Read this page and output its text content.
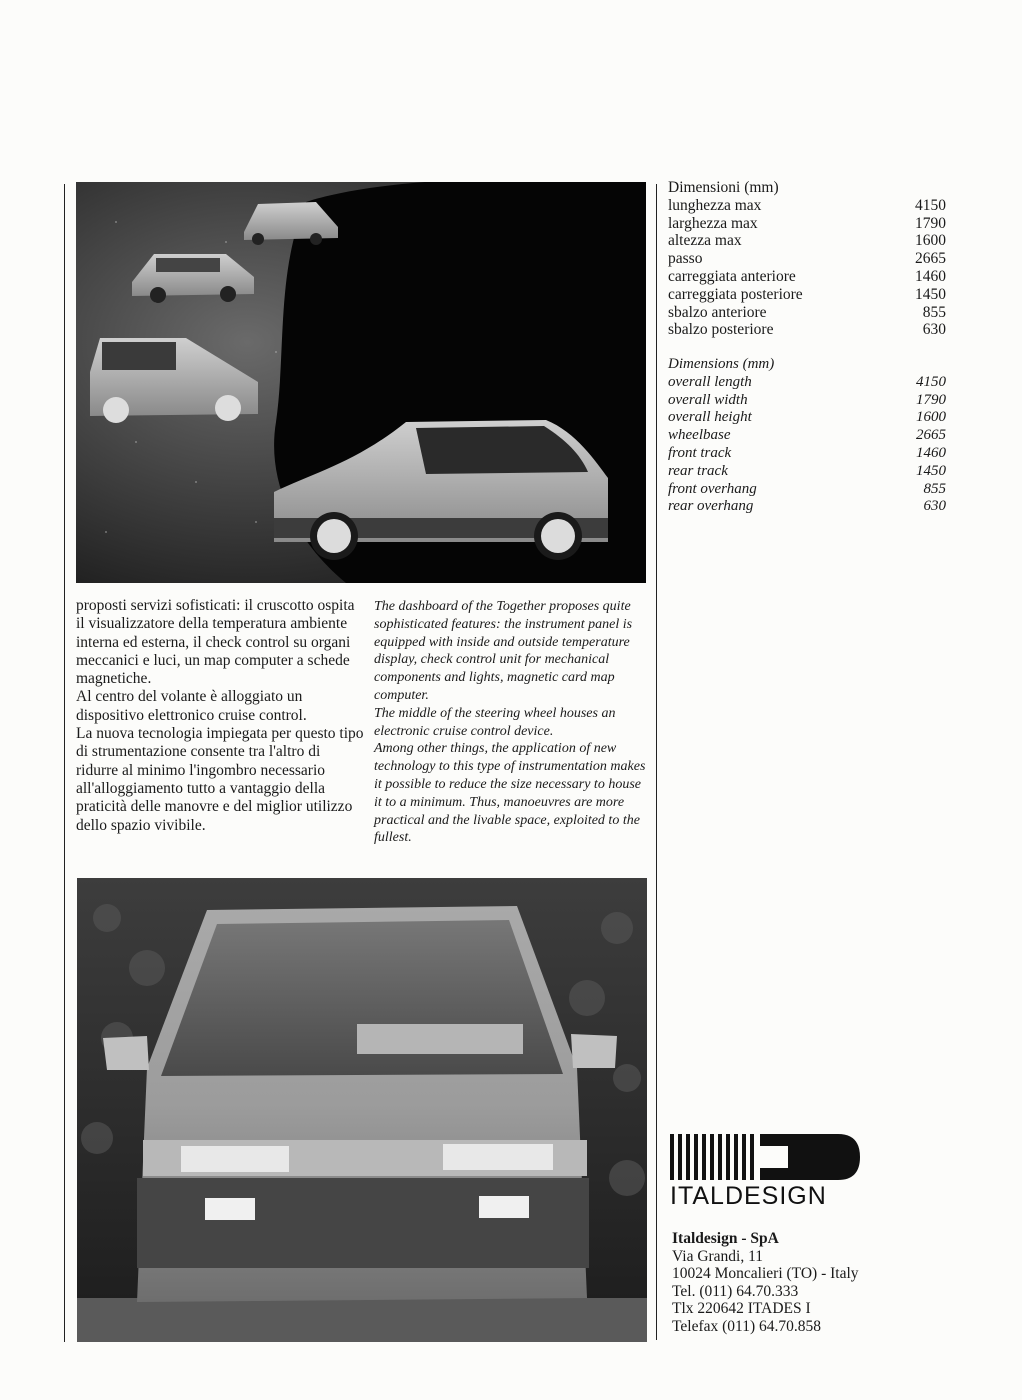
proposti servizi sofisticati: il cruscotto ospita il visualizzatore della temperatura ambiente interna ed esterna, il check control su organi meccanici e luci, un map computer a schede magnetiche.

Al centro del volante è alloggiato un dispositivo elettronico cruise control.

La nuova tecnologia impiegata per questo tipo di strumentazione consente tra l'altro di ridurre al minimo l'ingombro necessario all'alloggiamento tutto a vantaggio della praticità delle manovre e del miglior utilizzo dello spazio vivibile.

The dashboard of the Together proposes quite sophisticated features: the instrument panel is equipped with inside and outside temperature display, check control unit for mechanical components and lights, magnetic card map computer.

The middle of the steering wheel houses an electronic cruise control device.

Among other things, the application of new technology to this type of instrumentation makes it possible to reduce the size necessary to house it to a minimum. Thus, manoeuvres are more practical and the livable space, exploited to the fullest.

Dimensioni (mm)
lunghezza max	4150
larghezza max	1790
altezza max	1600
passo	2665
carreggiata anteriore	1460
carreggiata posteriore	1450
sbalzo anteriore	855
sbalzo posteriore	630
Dimensions (mm)
overall length	4150
overall width	1790
overall height	1600
wheelbase	2665
front track	1460
rear track	1450
front overhang	855
rear overhang	630
ITALDESIGN
Italdesign - SpA
Via Grandi, 11
10024 Moncalieri (TO) - Italy
Tel. (011) 64.70.333
Tlx 220642 ITADES I
Telefax (011) 64.70.858
